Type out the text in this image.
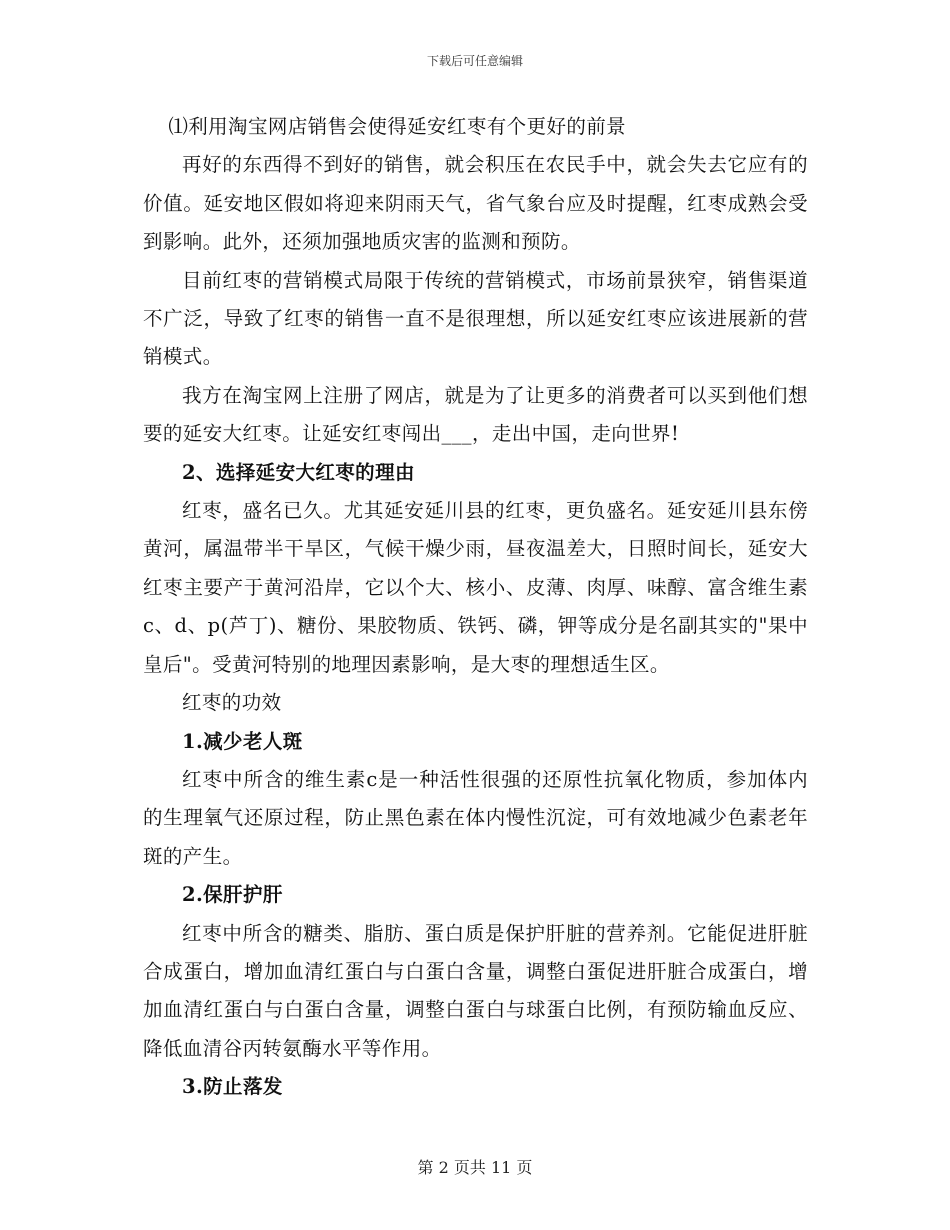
下载后可任意编辑

⑴利用淘宝网店销售会使得延安红枣有个更好的前景

再好的东西得不到好的销售，就会积压在农民手中，就会失去它应有的价值。延安地区假如将迎来阴雨天气，省气象台应及时提醒，红枣成熟会受到影响。此外，还须加强地质灾害的监测和预防。

目前红枣的营销模式局限于传统的营销模式，市场前景狭窄，销售渠道不广泛，导致了红枣的销售一直不是很理想，所以延安红枣应该进展新的营销模式。

我方在淘宝网上注册了网店，就是为了让更多的消费者可以买到他们想要的延安大红枣。让延安红枣闯出___，走出中国，走向世界!

2、选择延安大红枣的理由

红枣，盛名已久。尤其延安延川县的红枣，更负盛名。延安延川县东傍黄河，属温带半干旱区，气候干燥少雨，昼夜温差大，日照时间长，延安大红枣主要产于黄河沿岸，它以个大、核小、皮薄、肉厚、味醇、富含维生素c、d、p(芦丁)、糖份、果胶物质、铁钙、磷，钾等成分是名副其实的"果中皇后"。受黄河特别的地理因素影响，是大枣的理想适生区。

红枣的功效

1.减少老人斑

红枣中所含的维生素c是一种活性很强的还原性抗氧化物质，参加体内的生理氧气还原过程，防止黑色素在体内慢性沉淀，可有效地减少色素老年斑的产生。

2.保肝护肝

红枣中所含的糖类、脂肪、蛋白质是保护肝脏的营养剂。它能促进肝脏合成蛋白，增加血清红蛋白与白蛋白含量，调整白蛋促进肝脏合成蛋白，增加血清红蛋白与白蛋白含量，调整白蛋白与球蛋白比例，有预防输血反应、降低血清谷丙转氨酶水平等作用。

3.防止落发

第 2 页共 11 页
